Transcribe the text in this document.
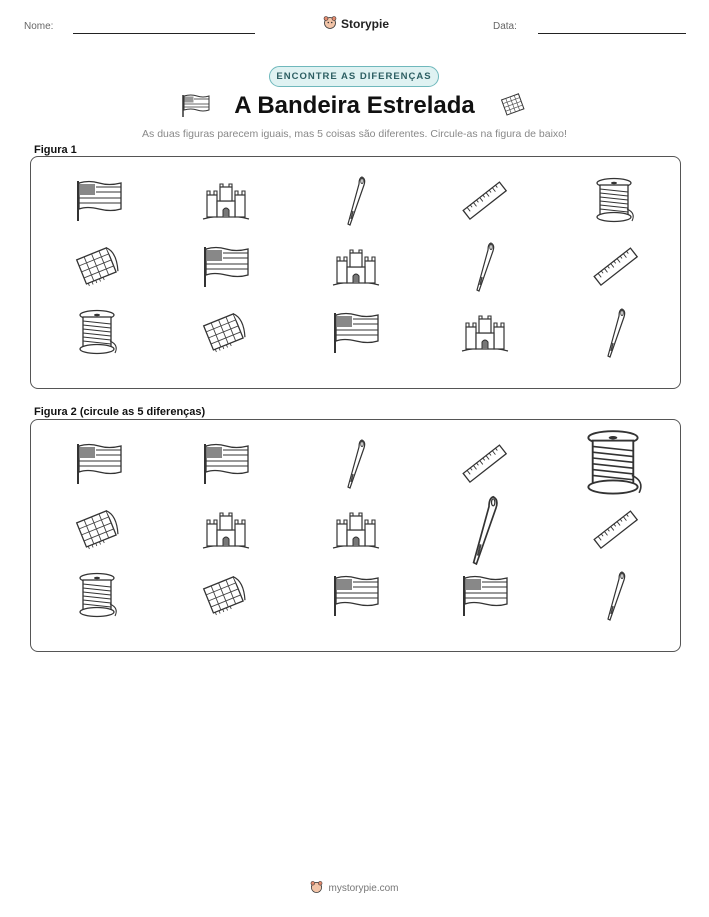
Nome:	Storypie	Data:
ENCONTRE AS DIFERENÇAS
A Bandeira Estrelada
As duas figuras parecem iguais, mas 5 coisas são diferentes. Circule-as na figura de baixo!
Figura 1
Figura 2 (circule as 5 diferenças)
mystorypie.com
